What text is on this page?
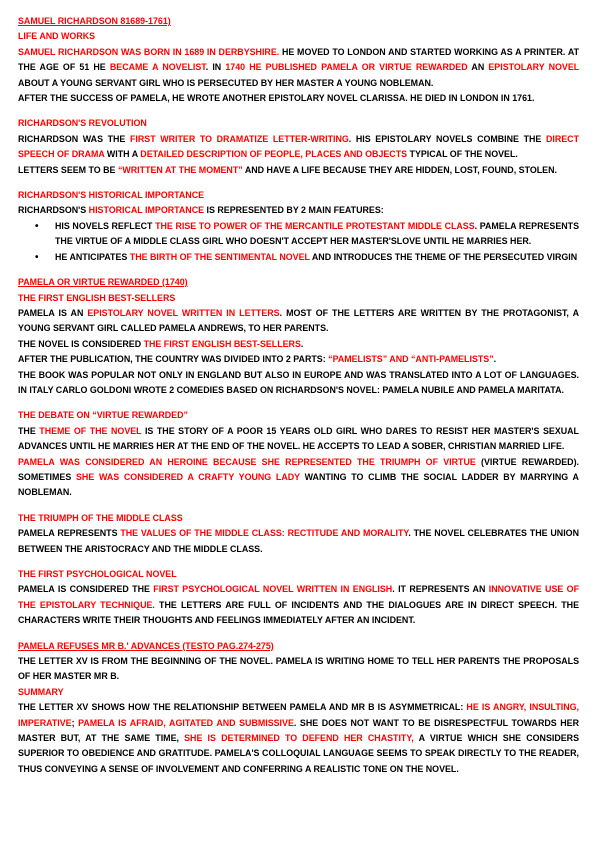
SAMUEL RICHARDSON 81689-1761)
LIFE AND WORKS
SAMUEL RICHARDSON WAS BORN IN 1689 IN DERBYSHIRE. HE MOVED TO LONDON AND STARTED WORKING AS A PRINTER. AT THE AGE OF 51 HE BECAME A NOVELIST. IN 1740 HE PUBLISHED PAMELA OR VIRTUE REWARDED AN EPISTOLARY NOVEL ABOUT A YOUNG SERVANT GIRL WHO IS PERSECUTED BY HER MASTER A YOUNG NOBLEMAN.
AFTER THE SUCCESS OF PAMELA, HE WROTE ANOTHER EPISTOLARY NOVEL CLARISSA. HE DIED IN LONDON IN 1761.
RICHARDSON'S REVOLUTION
RICHARDSON WAS THE FIRST WRITER TO DRAMATIZE LETTER-WRITING. HIS EPISTOLARY NOVELS COMBINE THE DIRECT SPEECH OF DRAMA WITH A DETAILED DESCRIPTION OF PEOPLE, PLACES AND OBJECTS TYPICAL OF THE NOVEL.
LETTERS SEEM TO BE “WRITTEN AT THE MOMENT” AND HAVE A LIFE BECAUSE THEY ARE HIDDEN, LOST, FOUND, STOLEN.
RICHARDSON'S HISTORICAL IMPORTANCE
RICHARDSON'S HISTORICAL IMPORTANCE IS REPRESENTED BY 2 MAIN FEATURES:
• HIS NOVELS REFLECT THE RISE TO POWER OF THE MERCANTILE PROTESTANT MIDDLE CLASS. PAMELA REPRESENTS THE VIRTUE OF A MIDDLE CLASS GIRL WHO DOESN'T ACCEPT HER MASTER'SLOVE UNTIL HE MARRIES HER.
• HE ANTICIPATES THE BIRTH OF THE SENTIMENTAL NOVEL AND INTRODUCES THE THEME OF THE PERSECUTED VIRGIN
PAMELA OR VIRTUE REWARDED (1740)
THE FIRST ENGLISH BEST-SELLERS
PAMELA IS AN EPISTOLARY NOVEL WRITTEN IN LETTERS. MOST OF THE LETTERS ARE WRITTEN BY THE PROTAGONIST, A YOUNG SERVANT GIRL CALLED PAMELA ANDREWS, TO HER PARENTS.
THE NOVEL IS CONSIDERED THE FIRST ENGLISH BEST-SELLERS.
AFTER THE PUBLICATION, THE COUNTRY WAS DIVIDED INTO 2 PARTS: “PAMELISTS” AND “ANTI-PAMELISTS”.
THE BOOK WAS POPULAR NOT ONLY IN ENGLAND BUT ALSO IN EUROPE AND WAS TRANSLATED INTO A LOT OF LANGUAGES. IN ITALY CARLO GOLDONI WROTE 2 COMEDIES BASED ON RICHARDSON'S NOVEL: PAMELA NUBILE AND PAMELA MARITATA.
THE DEBATE ON “VIRTUE REWARDED”
THE THEME OF THE NOVEL IS THE STORY OF A POOR 15 YEARS OLD GIRL WHO DARES TO RESIST HER MASTER'S SEXUAL ADVANCES UNTIL HE MARRIES HER AT THE END OF THE NOVEL. HE ACCEPTS TO LEAD A SOBER, CHRISTIAN MARRIED LIFE.
PAMELA WAS CONSIDERED AN HEROINE BECAUSE SHE REPRESENTED THE TRIUMPH OF VIRTUE (VIRTUE REWARDED). SOMETIMES SHE WAS CONSIDERED A CRAFTY YOUNG LADY WANTING TO CLIMB THE SOCIAL LADDER BY MARRYING A NOBLEMAN.
THE TRIUMPH OF THE MIDDLE CLASS
PAMELA REPRESENTS THE VALUES OF THE MIDDLE CLASS: RECTITUDE AND MORALITY. THE NOVEL CELEBRATES THE UNION BETWEEN THE ARISTOCRACY AND THE MIDDLE CLASS.
THE FIRST PSYCHOLOGICAL NOVEL
PAMELA IS CONSIDERED THE FIRST PSYCHOLOGICAL NOVEL WRITTEN IN ENGLISH. IT REPRESENTS AN INNOVATIVE USE OF THE EPISTOLARY TECHNIQUE. THE LETTERS ARE FULL OF INCIDENTS AND THE DIALOGUES ARE IN DIRECT SPEECH. THE CHARACTERS WRITE THEIR THOUGHTS AND FEELINGS IMMEDIATELY AFTER AN INCIDENT.
PAMELA REFUSES MR B.' ADVANCES (TESTO PAG.274-275)
THE LETTER XV IS FROM THE BEGINNING OF THE NOVEL. PAMELA IS WRITING HOME TO TELL HER PARENTS THE PROPOSALS OF HER MASTER MR B.
SUMMARY
THE LETTER XV SHOWS HOW THE RELATIONSHIP BETWEEN PAMELA AND MR B IS ASYMMETRICAL: HE IS ANGRY, INSULTING, IMPERATIVE; PAMELA IS AFRAID, AGITATED AND SUBMISSIVE. SHE DOES NOT WANT TO BE DISRESPECTFUL TOWARDS HER MASTER BUT, AT THE SAME TIME, SHE IS DETERMINED TO DEFEND HER CHASTITY, A VIRTUE WHICH SHE CONSIDERS SUPERIOR TO OBEDIENCE AND GRATITUDE. PAMELA'S COLLOQUIAL LANGUAGE SEEMS TO SPEAK DIRECTLY TO THE READER, THUS CONVEYING A SENSE OF INVOLVEMENT AND CONFERRING A REALISTIC TONE ON THE NOVEL.
